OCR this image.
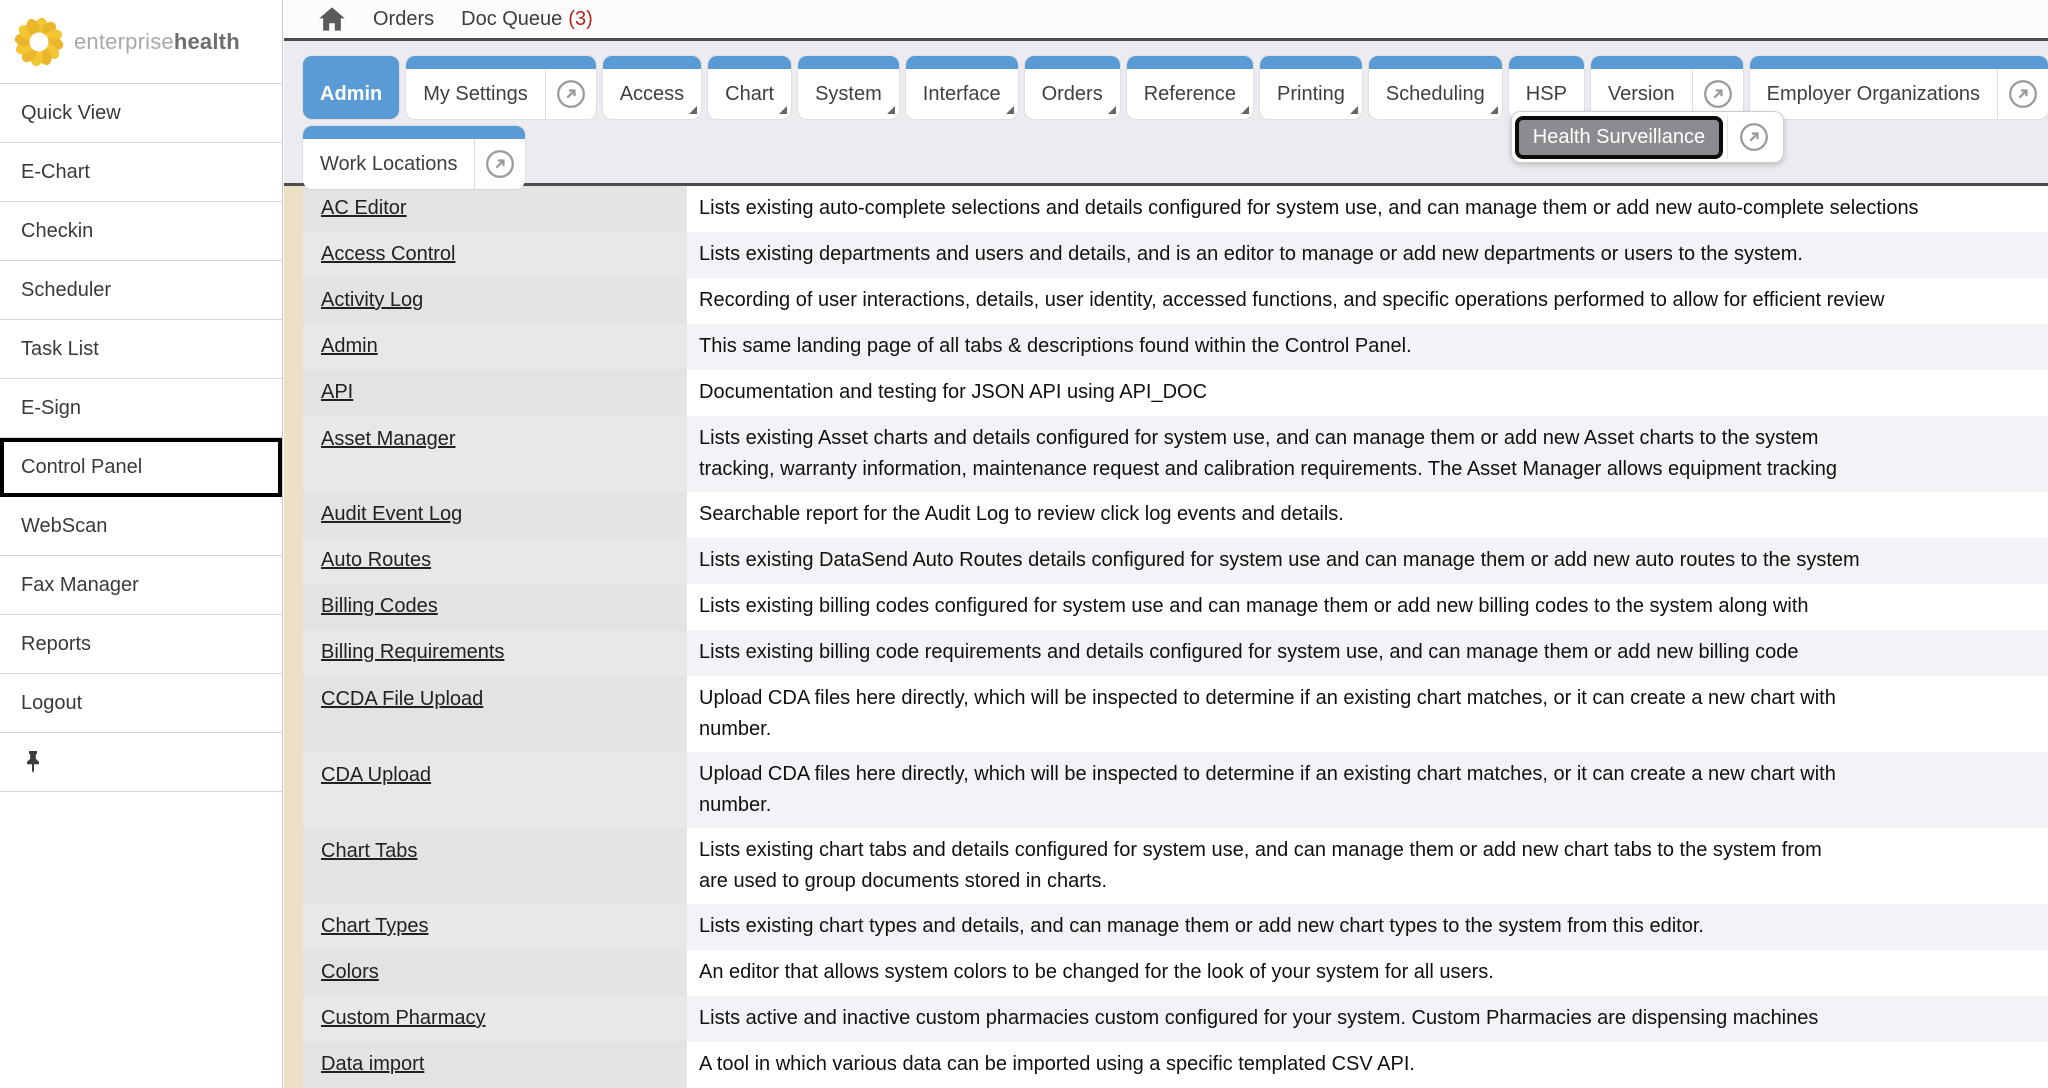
enterprisehealth
Quick View
E-Chart
Checkin
Scheduler
Task List
E-Sign
Control Panel
WebScan
Fax Manager
Reports
Logout
Orders Doc Queue (3)
Admin My Settings	Access Chart System Interface Orders Reference Printing Scheduling HSP
Health Surveillance
Version	Employer Organizations
Work Locations
AC Editor	Lists existing auto-complete selections and details configured for system use, and can manage them or add new auto-complete selections
Access Control	Lists existing departments and users and details, and is an editor to manage or add new departments or users to the system.
Activity Log	Recording of user interactions, details, user identity, accessed functions, and specific operations performed to allow for efficient review
Admin	This same landing page of all tabs & descriptions found within the Control Panel.
API	Documentation and testing for JSON API using API_DOC
Asset Manager	Lists existing Asset charts and details configured for system use, and can manage them or add new Asset charts to the system
tracking, warranty information, maintenance request and calibration requirements. The Asset Manager allows equipment tracking
Audit Event Log	Searchable report for the Audit Log to review click log events and details.
Auto Routes	Lists existing DataSend Auto Routes details configured for system use and can manage them or add new auto routes to the system
Billing Codes	Lists existing billing codes configured for system use and can manage them or add new billing codes to the system along with
Billing Requirements	Lists existing billing code requirements and details configured for system use, and can manage them or add new billing code
CCDA File Upload	Upload CDA files here directly, which will be inspected to determine if an existing chart matches, or it can create a new chart with
number.
CDA Upload	Upload CDA files here directly, which will be inspected to determine if an existing chart matches, or it can create a new chart with
number.
Chart Tabs	Lists existing chart tabs and details configured for system use, and can manage them or add new chart tabs to the system from
are used to group documents stored in charts.
Chart Types	Lists existing chart types and details, and can manage them or add new chart types to the system from this editor.
Colors	An editor that allows system colors to be changed for the look of your system for all users.
Custom Pharmacy	Lists active and inactive custom pharmacies custom configured for your system. Custom Pharmacies are dispensing machines
Data import	A tool in which various data can be imported using a specific templated CSV API.
